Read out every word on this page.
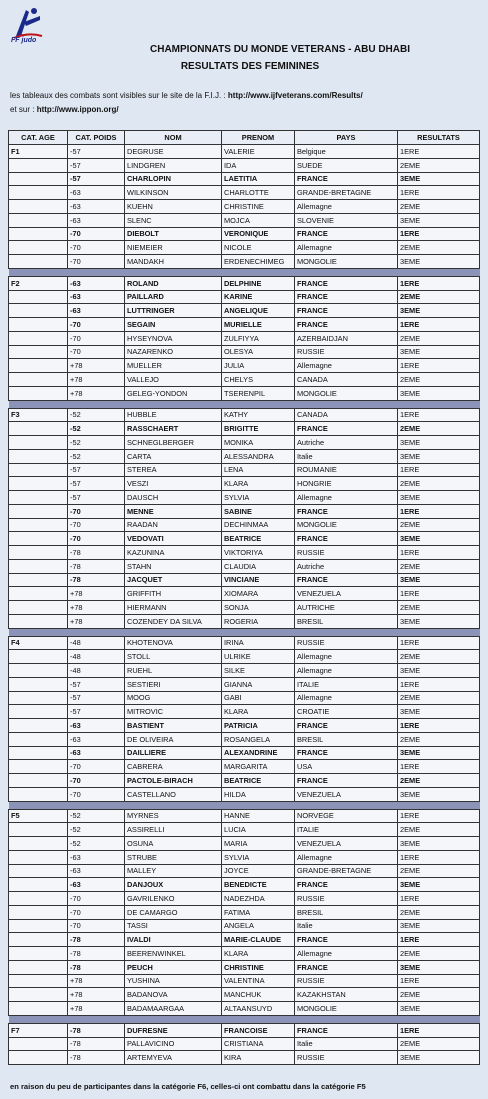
FF judo
CHAMPIONNATS DU MONDE VETERANS - ABU DHABI
RESULTATS DES FEMININES
les tableaux des combats sont visibles sur le site de la F.I.J. : http://www.ijfveterans.com/Results/
et sur : http://www.ippon.org/
CAT. AGE	CAT. POIDS	NOM	PRENOM	PAYS	RESULTATS
F1	-57	DEGRUSE	VALERIE	Belgique	1ERE
	-57	LINDGREN	IDA	SUEDE	2EME
	-57	CHARLOPIN	LAETITIA	FRANCE	3EME
	-63	WILKINSON	CHARLOTTE	GRANDE-BRETAGNE	1ERE
	-63	KUEHN	CHRISTINE	Allemagne	2EME
	-63	SLENC	MOJCA	SLOVENIE	3EME
	-70	DIEBOLT	VERONIQUE	FRANCE	1ERE
	-70	NIEMEIER	NICOLE	Allemagne	2EME
	-70	MANDAKH	ERDENECHIMEG	MONGOLIE	3EME

F2	-63	ROLAND	DELPHINE	FRANCE	1ERE
	-63	PAILLARD	KARINE	FRANCE	2EME
	-63	LUTTRINGER	ANGELIQUE	FRANCE	3EME
	-70	SEGAIN	MURIELLE	FRANCE	1ERE
	-70	HYSEYNOVA	ZULFIYYA	AZERBAIDJAN	2EME
	-70	NAZARENKO	OLESYA	RUSSIE	3EME
	+78	MUELLER	JULIA	Allemagne	1ERE
	+78	VALLEJO	CHELYS	CANADA	2EME
	+78	GELEG-YONDON	TSERENPIL	MONGOLIE	3EME

F3	-52	HUBBLE	KATHY	CANADA	1ERE
	-52	RASSCHAERT	BRIGITTE	FRANCE	2EME
	-52	SCHNEGLBERGER	MONIKA	Autriche	3EME
	-52	CARTA	ALESSANDRA	Italie	3EME
	-57	STEREA	LENA	ROUMANIE	1ERE
	-57	VESZI	KLARA	HONGRIE	2EME
	-57	DAUSCH	SYLVIA	Allemagne	3EME
	-70	MENNE	SABINE	FRANCE	1ERE
	-70	RAADAN	DECHINMAA	MONGOLIE	2EME
	-70	VEDOVATI	BEATRICE	FRANCE	3EME
	-78	KAZUNINA	VIKTORIYA	RUSSIE	1ERE
	-78	STAHN	CLAUDIA	Autriche	2EME
	-78	JACQUET	VINCIANE	FRANCE	3EME
	+78	GRIFFITH	XIOMARA	VENEZUELA	1ERE
	+78	HIERMANN	SONJA	AUTRICHE	2EME
	+78	COZENDEY DA SILVA	ROGERIA	BRESIL	3EME

F4	-48	KHOTENOVA	IRINA	RUSSIE	1ERE
	-48	STOLL	ULRIKE	Allemagne	2EME
	-48	RUEHL	SILKE	Allemagne	3EME
	-57	SESTIERI	GIANNA	ITALIE	1ERE
	-57	MOOG	GABI	Allemagne	2EME
	-57	MITROVIC	KLARA	CROATIE	3EME
	-63	BASTIENT	PATRICIA	FRANCE	1ERE
	-63	DE OLIVEIRA	ROSANGELA	BRESIL	2EME
	-63	DAILLIERE	ALEXANDRINE	FRANCE	3EME
	-70	CABRERA	MARGARITA	USA	1ERE
	-70	PACTOLE-BIRACH	BEATRICE	FRANCE	2EME
	-70	CASTELLANO	HILDA	VENEZUELA	3EME

F5	-52	MYRNES	HANNE	NORVEGE	1ERE
	-52	ASSIRELLI	LUCIA	ITALIE	2EME
	-52	OSUNA	MARIA	VENEZUELA	3EME
	-63	STRUBE	SYLVIA	Allemagne	1ERE
	-63	MALLEY	JOYCE	GRANDE-BRETAGNE	2EME
	-63	DANJOUX	BENEDICTE	FRANCE	3EME
	-70	GAVRILENKO	NADEZHDA	RUSSIE	1ERE
	-70	DE CAMARGO	FATIMA	BRESIL	2EME
	-70	TASSI	ANGELA	Italie	3EME
	-78	IVALDI	MARIE-CLAUDE	FRANCE	1ERE
	-78	BEERENWINKEL	KLARA	Allemagne	2EME
	-78	PEUCH	CHRISTINE	FRANCE	3EME
	+78	YUSHINA	VALENTINA	RUSSIE	1ERE
	+78	BADANOVA	MANCHUK	KAZAKHSTAN	2EME
	+78	BADAMAARGAA	ALTAANSUYD	MONGOLIE	3EME

F7	-78	DUFRESNE	FRANCOISE	FRANCE	1ERE
	-78	PALLAVICINO	CRISTIANA	Italie	2EME
	-78	ARTEMYEVA	KIRA	RUSSIE	3EME
en raison du peu de participantes dans la catégorie F6, celles-ci ont combattu dans la catégorie F5
